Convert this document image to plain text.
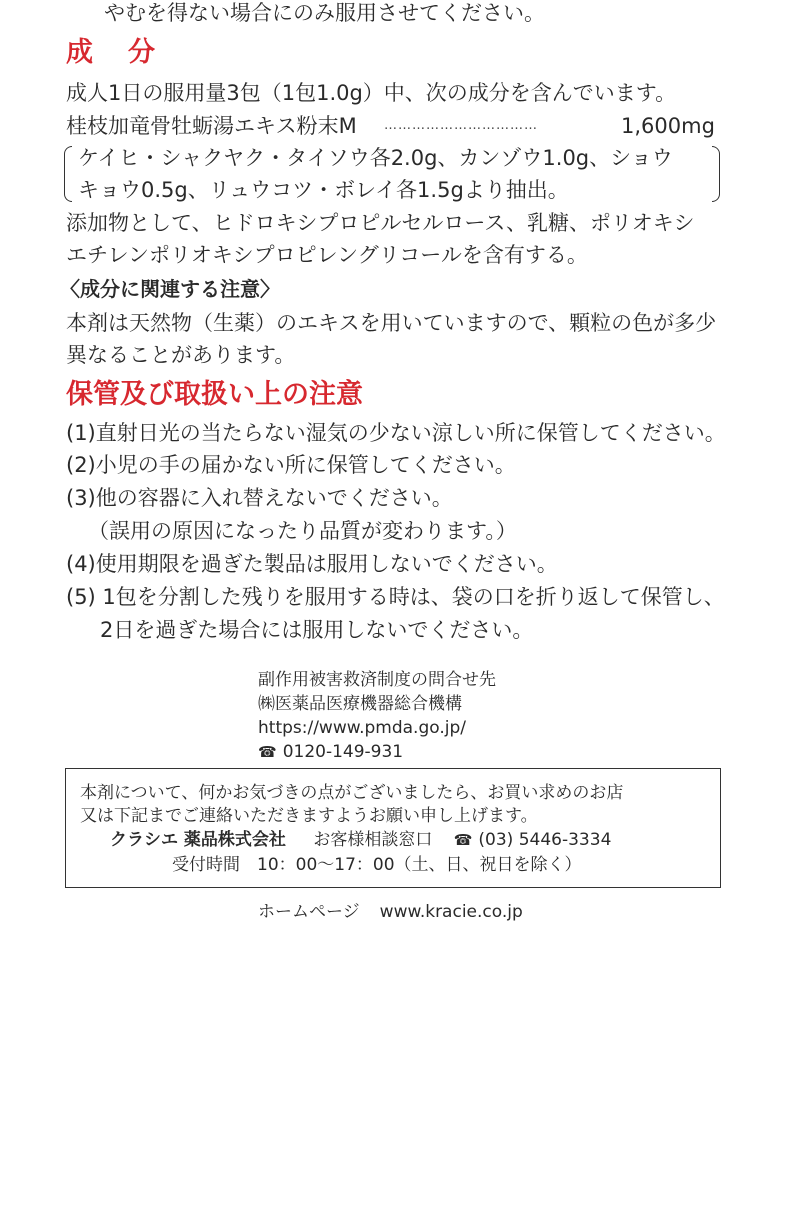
やむを得ない場合にのみ服用させてください。
成　分
成人1日の服用量3包（1包1.0g）中、次の成分を含んでいます。
桂枝加竜骨牡蛎湯エキス粉末M ……………………………	1,600mg
ケイヒ・シャクヤク・タイソウ各2.0g、カンゾウ1.0g、ショウ
キョウ0.5g、リュウコツ・ボレイ各1.5gより抽出。
添加物として、ヒドロキシプロピルセルロース、乳糖、ポリオキシ
エチレンポリオキシプロピレングリコールを含有する。
〈成分に関連する注意〉
本剤は天然物（生薬）のエキスを用いていますので、顆粒の色が多少
異なることがあります。
保管及び取扱い上の注意
(1)直射日光の当たらない湿気の少ない涼しい所に保管してください。
(2)小児の手の届かない所に保管してください。
(3)他の容器に入れ替えないでください。
（誤用の原因になったり品質が変わります。）
(4)使用期限を過ぎた製品は服用しないでください。
(5) 1包を分割した残りを服用する時は、袋の口を折り返して保管し、
2日を過ぎた場合には服用しないでください。
副作用被害救済制度の問合せ先
㈱医薬品医療機器総合機構
https://www.pmda.go.jp/
☎ 0120-149-931
本剤について、何かお気づきの点がございましたら、お買い求めのお店
又は下記までご連絡いただきますようお願い申し上げます。
クラシエ 薬品株式会社 お客様相談窓口 ☎ (03) 5446-3334
受付時間　10：00～17：00（土、日、祝日を除く）
ホームページ www.kracie.co.jp
